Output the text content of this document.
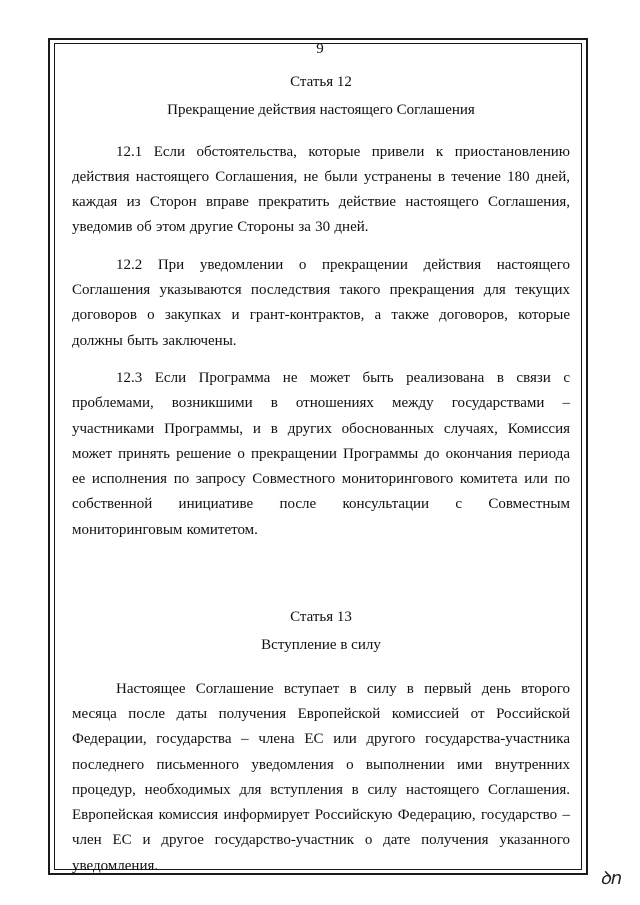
9

Статья 12

Прекращение действия настоящего Соглашения

12.1 Если обстоятельства, которые привели к приостановлению действия настоящего Соглашения, не были устранены в течение 180 дней, каждая из Сторон вправе прекратить действие настоящего Соглашения, уведомив об этом другие Стороны за 30 дней.

12.2 При уведомлении о прекращении действия настоящего Соглашения указываются последствия такого прекращения для текущих договоров о закупках и грант-контрактов, а также договоров, которые должны быть заключены.

12.3 Если Программа не может быть реализована в связи с проблемами, возникшими в отношениях между государствами – участниками Программы, и в других обоснованных случаях, Комиссия может принять решение о прекращении Программы до окончания периода ее исполнения по запросу Совместного мониторингового комитета или по собственной инициативе после консультации с Совместным мониторинговым комитетом.

Статья 13

Вступление в силу

Настоящее Соглашение вступает в силу в первый день второго месяца после даты получения Европейской комиссией от Российской Федерации, государства – члена ЕС или другого государства-участника последнего письменного уведомления о выполнении ими внутренних процедур, необходимых для вступления в силу настоящего Соглашения. Европейская комиссия информирует Российскую Федерацию, государство – член ЕС и другое государство-участник о дате получения указанного уведомления.

ꝺn
